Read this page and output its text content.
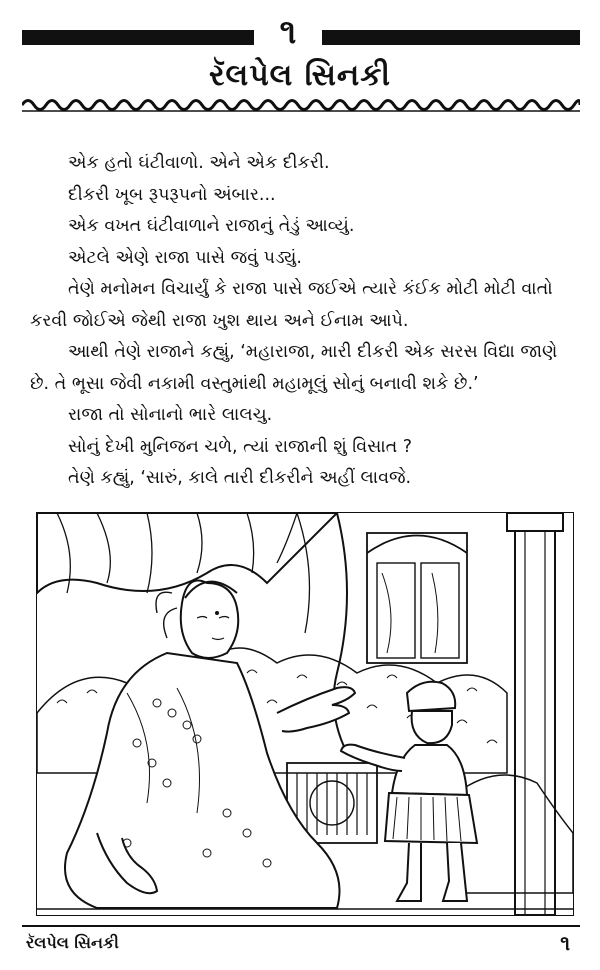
૧
રૅલપેલ સિનકી
એક હતો ઘંટીવાળો. એને એક દીકરી.
દીકરી ખૂબ રૂપરૂપનો અંબાર...
એક વખત ઘંટીવાળાને રાજાનું તેડું આવ્યું.
એટલે એણે રાજા પાસે જવું પડ્યું.
તેણે મનોમન વિચાર્યું કે રાજા પાસે જઈએ ત્યારે કંઈક મોટી મોટી વાતો
કરવી જોઈએ જેથી રાજા ખુશ થાય અને ઈનામ આપે.
આથી તેણે રાજાને કહ્યું, ‘મહારાજા, મારી દીકરી એક સરસ વિદ્યા જાણે
છે. તે ભૂસા જેવી નકામી વસ્તુમાંથી મહામૂલું સોનું બનાવી શકે છે.’
રાજા તો સોનાનો ભારે લાલચુ.
સોનું દેખી મુનિજન ચળે, ત્યાં રાજાની શું વિસાત ?
તેણે કહ્યું, ‘સારું, કાલે તારી દીકરીને અહીં લાવજે.
રૅલપેલ સિનકી	૧
